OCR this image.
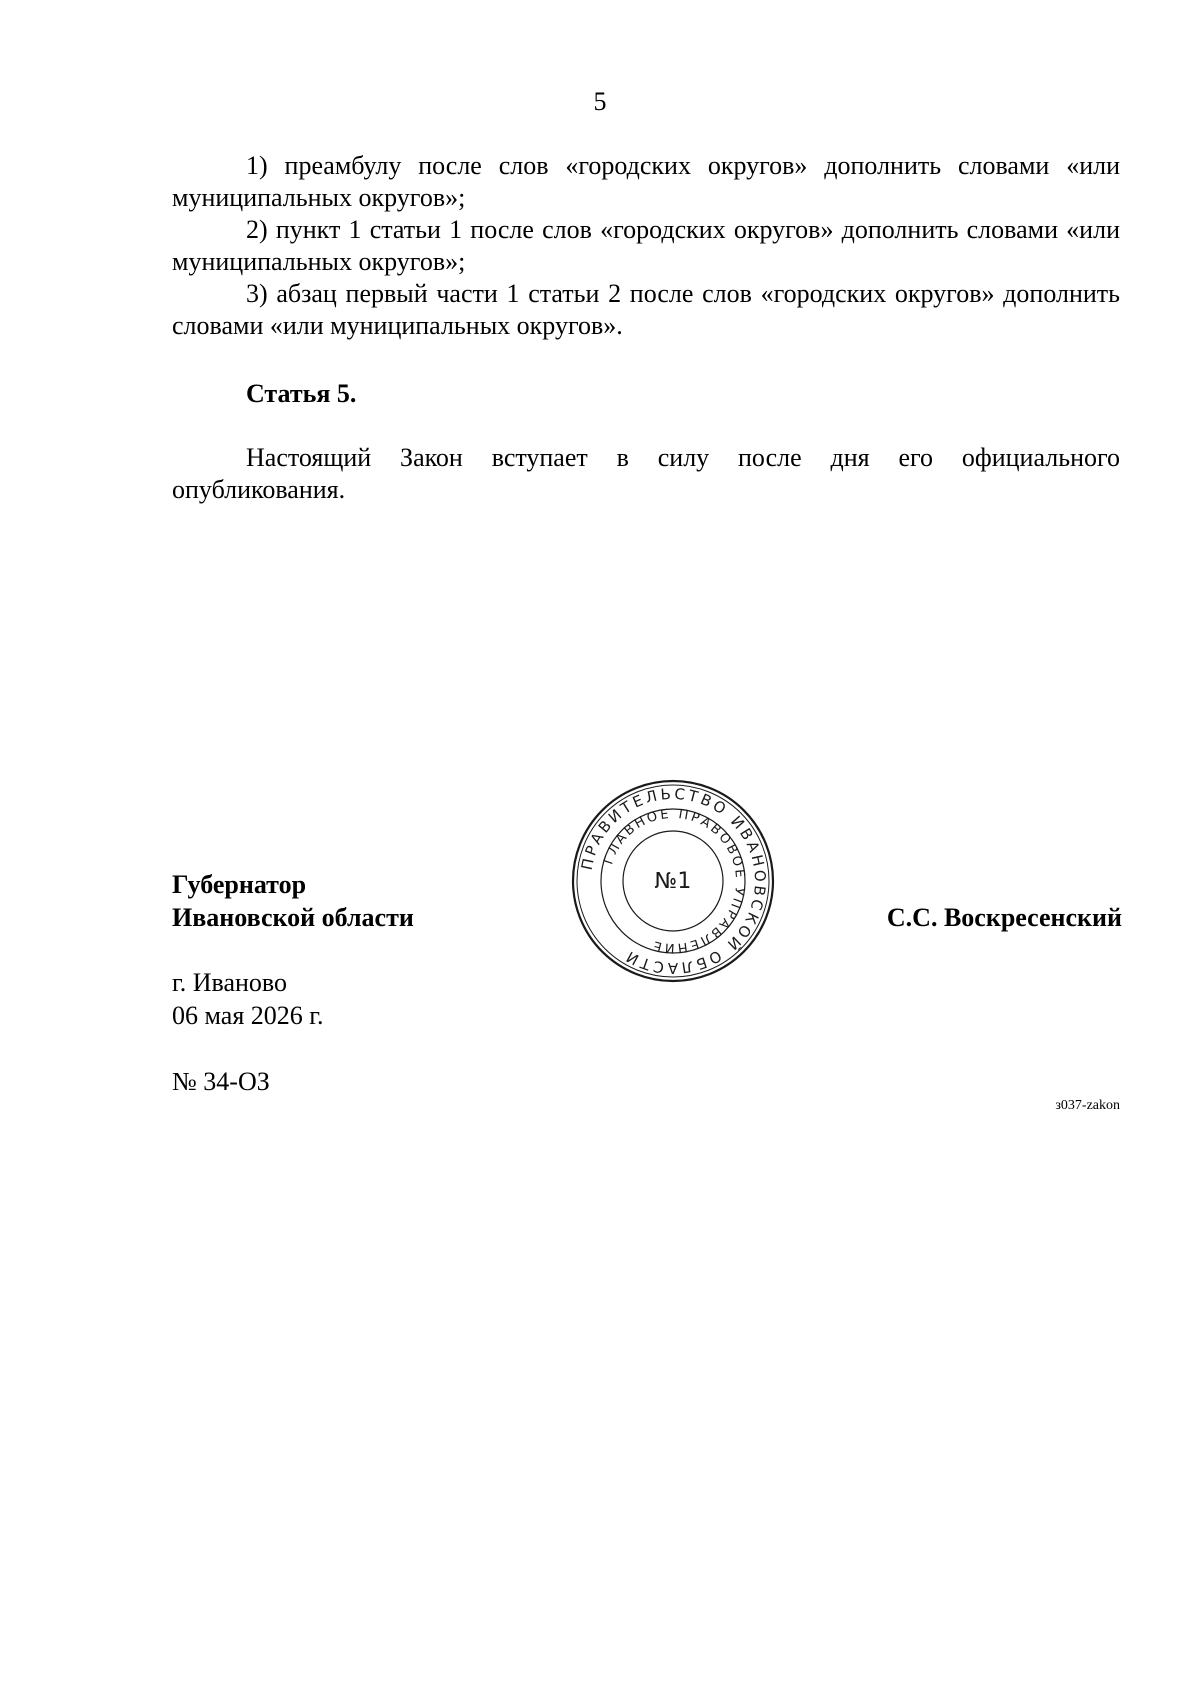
5

1) преамбулу после слов «городских округов» дополнить словами «или муниципальных округов»;

2) пункт 1 статьи 1 после слов «городских округов» дополнить словами «или муниципальных округов»;

3) абзац первый части 1 статьи 2 после слов «городских округов» дополнить словами «или муниципальных округов».

Статья 5.

Настоящий Закон вступает в силу после дня его официального опубликования.

Губернатор
Ивановской области
ПРАВИТЕЛЬСТВО ИВАНОВСКОЙ ОБЛАСТИ
ГЛАВНОЕ ПРАВОВОЕ УПРАВЛЕНИЕ
№1
С.С. Воскресенский
г. Иваново
06 мая 2026 г.
№ 34-ОЗ
з037-zakon
